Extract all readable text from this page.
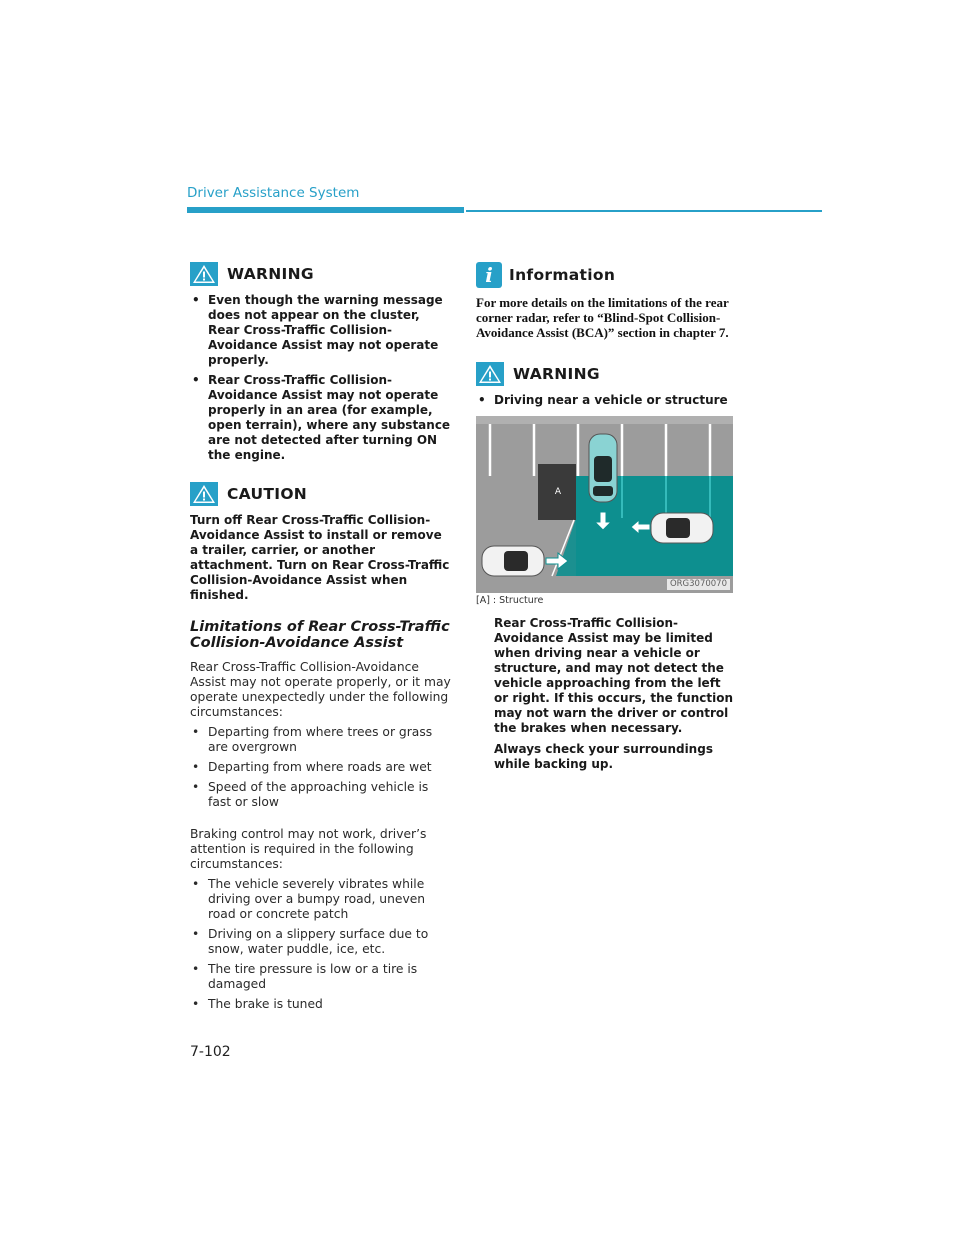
Driver Assistance System
WARNING
• Even though the warning message does not appear on the cluster, Rear Cross-Traffic Collision-Avoidance Assist may not operate properly.
• Rear Cross-Traffic Collision-Avoidance Assist may not operate properly in an area (for example, open terrain), where any substance are not detected after turning ON the engine.
CAUTION

Turn off Rear Cross-Traffic Collision-Avoidance Assist to install or remove a trailer, carrier, or another attachment. Turn on Rear Cross-Traffic Collision-Avoidance Assist when finished.

Limitations of Rear Cross-Traffic Collision-Avoidance Assist

Rear Cross-Traffic Collision-Avoidance Assist may not operate properly, or it may operate unexpectedly under the following circumstances:

• Departing from where trees or grass are overgrown
• Departing from where roads are wet
• Speed of the approaching vehicle is fast or slow

Braking control may not work, driver’s attention is required in the following circumstances:

• The vehicle severely vibrates while driving over a bumpy road, uneven road or concrete patch
• Driving on a slippery surface due to snow, water puddle, ice, etc.
• The tire pressure is low or a tire is damaged
• The brake is tuned
i	Information

For more details on the limitations of the rear corner radar, refer to “Blind-Spot Collision-Avoidance Assist (BCA)” section in chapter 7.

WARNING
• Driving near a vehicle or structure
A
ORG3070070
[A] : Structure

Rear Cross-Traffic Collision-Avoidance Assist may be limited when driving near a vehicle or structure, and may not detect the vehicle approaching from the left or right. If this occurs, the function may not warn the driver or control the brakes when necessary.

Always check your surroundings while backing up.

7-102
